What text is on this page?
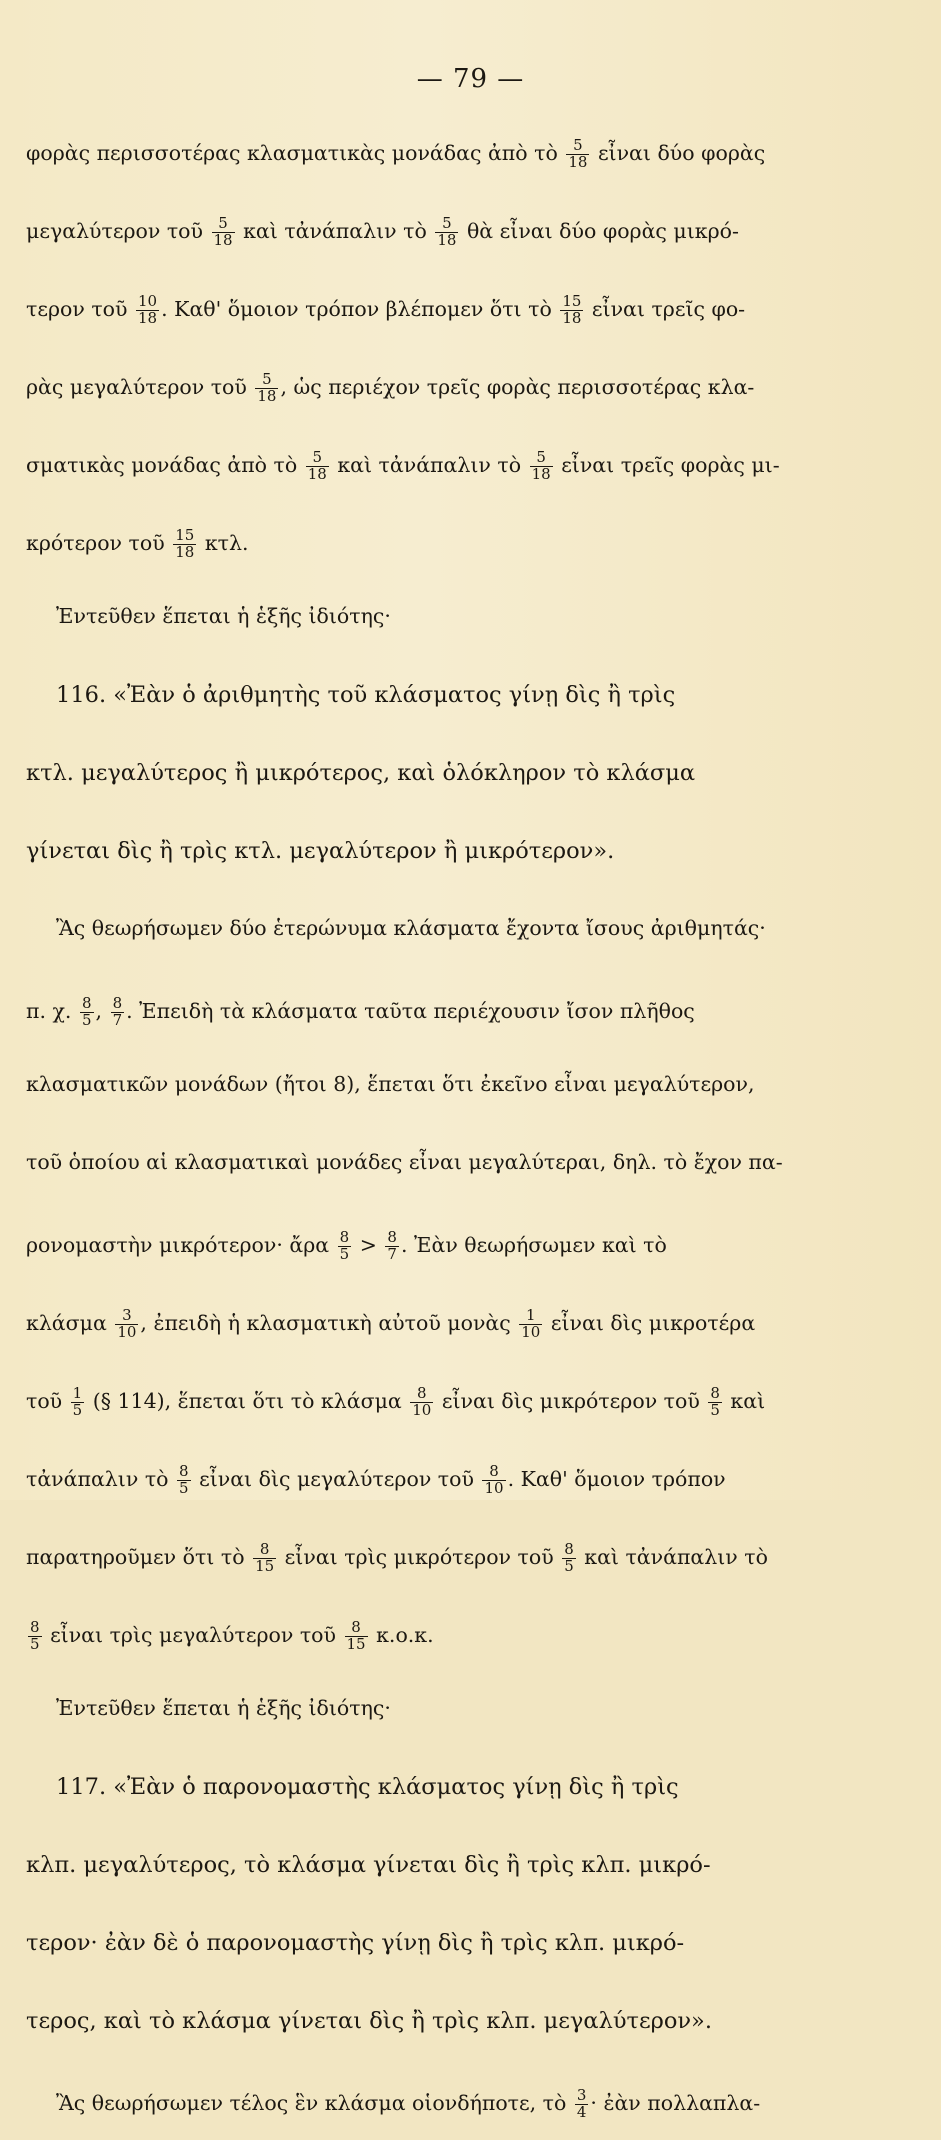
— 79 —
φορὰς περισσοτέρας κλασματικὰς μονάδας ἀπὸ τὸ $\frac{5}{18}$ εἶναι δύο φορὰς
μεγαλύτερον τοῦ $\frac{5}{18}$ καὶ τἀνάπαλιν τὸ $\frac{5}{18}$ θὰ εἶναι δύο φορὰς μικρό-
τερον τοῦ $\frac{10}{18}$ . Καθ' ὅμοιον τρόπον βλέπομεν ὅτι τὸ $\frac{15}{18}$ εἶναι τρεῖς φο-
ρὰς μεγαλύτερον τοῦ $\frac{5}{18}$ , ὡς περιέχον τρεῖς φορὰς περισσοτέρας κλα-
σματικὰς μονάδας ἀπὸ τὸ $\frac{5}{18}$ καὶ τἀνάπαλιν τὸ $\frac{5}{18}$ εἶναι τρεῖς φορὰς μι-
κρότερον τοῦ $\frac{15}{18} \kappa\tau\lambda$.
Ἐντεῦθεν ἕπεται ἡ ἑξῆς ἰδιότης·
116. «Ἐὰν ὁ ἀριθμητὴς τοῦ κλάσματος γίνῃ δὶς ἢ τρὶς
κτλ. μεγαλύτερος ἢ μικρότερος, καὶ ὁλόκληρον τὸ κλάσμα
γίνεται δὶς ἢ τρὶς κτλ. μεγαλύτερον ἢ μικρότερον».
Ἂς θεωρήσωμεν δύο ἑτερώνυμα κλάσματα ἔχοντα ἴσους ἀριθμητάς·
π. χ. $\frac{8}{5}$ , $\frac{8}{7}$ . Ἐπειδὴ τὰ κλάσματα ταῦτα περιέχουσιν ἴσον πλῆθος
κλασματικῶν μονάδων (ἤτοι 8), ἕπεται ὅτι ἐκεῖνο εἶναι μεγαλύτερον,
τοῦ ὁποίου αἱ κλασματικαὶ μονάδες εἶναι μεγαλύτεραι, δηλ. τὸ ἔχον πα-
ρονομαστὴν μικρότερον· ἄρα $\frac{8}{5} > \frac{8}{7}$ . Ἐὰν θεωρήσωμεν καὶ τὸ
κλάσμα $\frac{3}{10}$ , ἐπειδὴ ἡ κλασματικὴ αὐτοῦ μονὰς $\frac{1}{10}$ εἶναι δὶς μικροτέρα
τοῦ $\frac{1}{5}$ (§ 114), ἕπεται ὅτι τὸ κλάσμα $\frac{8}{10}$ εἶναι δὶς μικρότερον τοῦ $\frac{8}{5}$ καὶ
τἀνάπαλιν τὸ $\frac{8}{5}$ εἶναι δὶς μεγαλύτερον τοῦ $\frac{8}{10}$ . Καθ' ὅμοιον τρόπον
παρατηροῦμεν ὅτι τὸ $\frac{8}{15}$ εἶναι τρὶς μικρότερον τοῦ $\frac{8}{5}$ καὶ τἀνάπαλιν τὸ
$\frac{8}{5}$ εἶναι τρὶς μεγαλύτερον τοῦ $\frac{8}{15} \kappa.o.\kappa$.
Ἐντεῦθεν ἕπεται ἡ ἑξῆς ἰδιότης·
117. «Ἐὰν ὁ παρονομαστὴς κλάσματος γίνῃ δὶς ἢ τρὶς
κλπ. μεγαλύτερος, τὸ κλάσμα γίνεται δὶς ἢ τρὶς κλπ. μικρό-
τερον· ἐὰν δὲ ὁ παρονομαστὴς γίνῃ δὶς ἢ τρὶς κλπ. μικρό-
τερος, καὶ τὸ κλάσμα γίνεται δὶς ἢ τρὶς κλπ. μεγαλύτερον».
Ἂς θεωρήσωμεν τέλος ἓν κλάσμα οἱονδήποτε, τὸ $\frac{3}{4}$ · ἐὰν πολλαπλα-
